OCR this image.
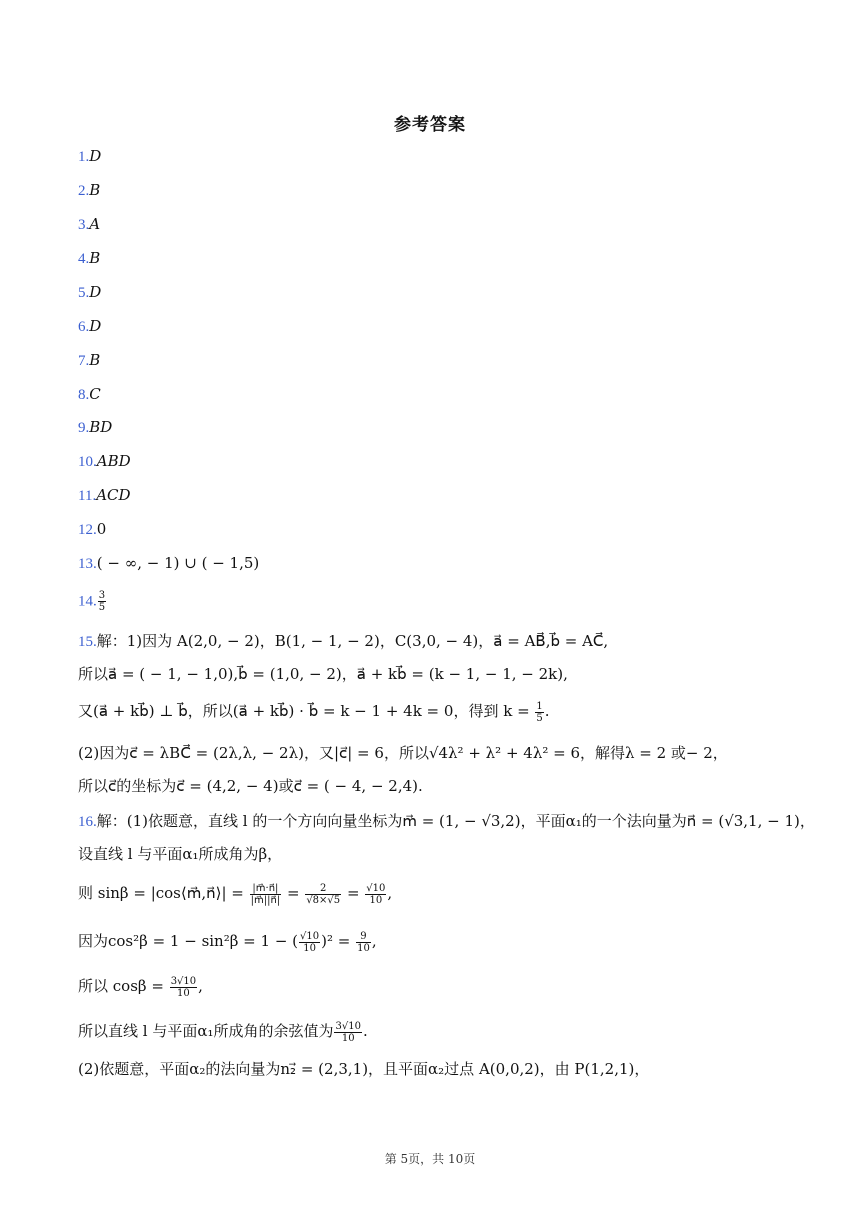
参考答案
1.D
2.B
3.A
4.B
5.D
6.D
7.B
8.C
9.BD
10.ABD
11.ACD
12.0
13.( − ∞, − 1) ∪ ( − 1,5)
14. $\frac{3}{5}$
15.解：1)因为 A(2,0, − 2)，B(1, − 1, − 2)，C(3,0, − 4)，a⃗ = AB⃗,b⃗ = AC⃗,
所以a⃗ = ( − 1, − 1,0),b⃗ = (1,0, − 2)，a⃗ + kb⃗ = (k − 1, − 1, − 2k),
又(a⃗ + kb⃗) ⊥ b⃗，所以(a⃗ + kb⃗) · b⃗ = k − 1 + 4k = 0，得到 $k = \frac{1}{5}$ .
(2)因为c⃗ = λBC⃗ = (2λ,λ, − 2λ)，又|c⃗| = 6，所以√4λ² + λ² + 4λ² = 6，解得λ = 2 或− 2，
所以c⃗的坐标为c⃗ = (4,2, − 4)或c⃗ = ( − 4, − 2,4).
16.解：(1)依题意，直线 l 的一个方向向量坐标为m⃗ = (1, − √3,2)，平面α₁的一个法向量为n⃗ = (√3,1, − 1)，
设直线 l 与平面α₁所成角为β，
则 sinβ = |cos⟨m⃗,n⃗⟩| = $\frac{|m⃗\cdot n⃗|}{|m⃗||n⃗|} = \frac{2}{√8\times√5} = \frac{√10}{10}$ ,
因为cos²β = 1 − sin²β = 1 − ( $\frac{√10}{10} )^2 = \frac{9}{10}$ ,
所以 $\cos\beta = \frac{3√10}{10}$ ,
所以直线 l 与平面α₁所成角的余弦值为 $\frac{3√10}{10}$ .
(2)依题意，平面α₂的法向量为n₂⃗ = (2,3,1)，且平面α₂过点 A(0,0,2)，由 P(1,2,1)，
第 5页，共 10页
